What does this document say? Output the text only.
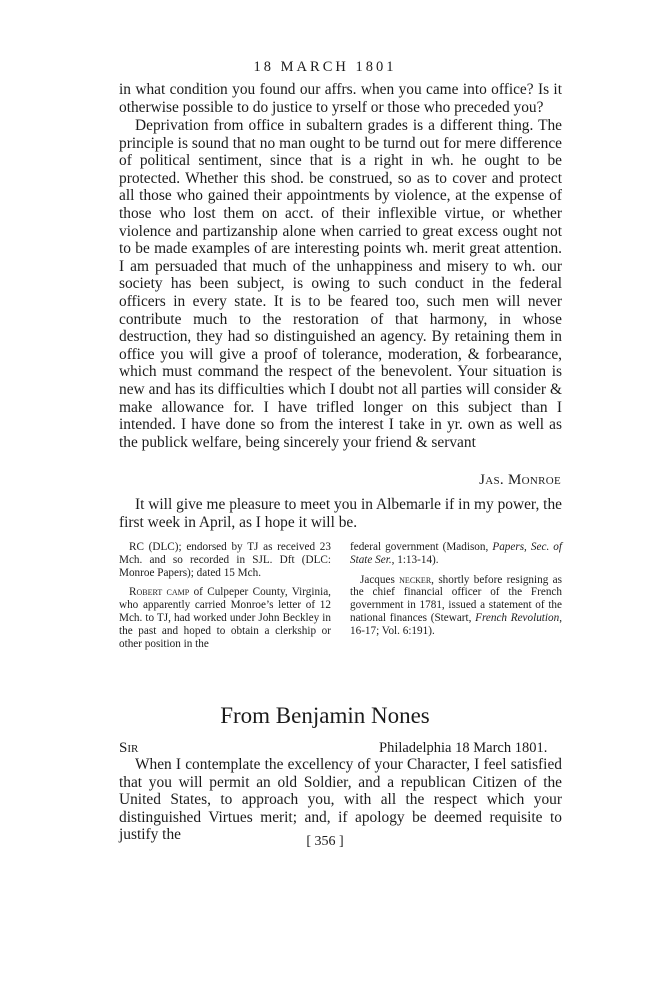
18 MARCH 1801

in what condition you found our affrs. when you came into office? Is it otherwise possible to do justice to yrself or those who preceded you?

Deprivation from office in subaltern grades is a different thing. The principle is sound that no man ought to be turnd out for mere difference of political sentiment, since that is a right in wh. he ought to be protected. Whether this shod. be construed, so as to cover and protect all those who gained their appointments by violence, at the expense of those who lost them on acct. of their inflexible virtue, or whether violence and partizanship alone when carried to great excess ought not to be made examples of are interesting points wh. merit great attention. I am persuaded that much of the unhappiness and misery to wh. our society has been subject, is owing to such conduct in the federal officers in every state. It is to be feared too, such men will never contribute much to the restoration of that harmony, in whose destruction, they had so distinguished an agency. By retaining them in office you will give a proof of tolerance, moderation, & forbearance, which must command the respect of the benevolent. Your situation is new and has its difficulties which I doubt not all parties will consider & make allowance for. I have trifled longer on this subject than I intended. I have done so from the interest I take in yr. own as well as the publick welfare, being sincerely your friend & servant

Jas. Monroe

It will give me pleasure to meet you in Albemarle if in my power, the first week in April, as I hope it will be.

RC (DLC); endorsed by TJ as received 23 Mch. and so recorded in SJL. Dft (DLC: Monroe Papers); dated 15 Mch.

Robert camp of Culpeper County, Virginia, who apparently carried Monroe’s letter of 12 Mch. to TJ, had worked under John Beckley in the past and hoped to obtain a clerkship or other position in the

federal government (Madison, Papers, Sec. of State Ser., 1:13-14).

Jacques necker, shortly before resigning as the chief financial officer of the French government in 1781, issued a statement of the national finances (Stewart, French Revolution, 16-17; Vol. 6:191).

From Benjamin Nones
Sir	Philadelphia 18 March 1801.

When I contemplate the excellency of your Character, I feel satisfied that you will permit an old Soldier, and a republican Citizen of the United States, to approach you, with all the respect which your distinguished Virtues merit; and, if apology be deemed requisite to justify the	[ 356 ]
